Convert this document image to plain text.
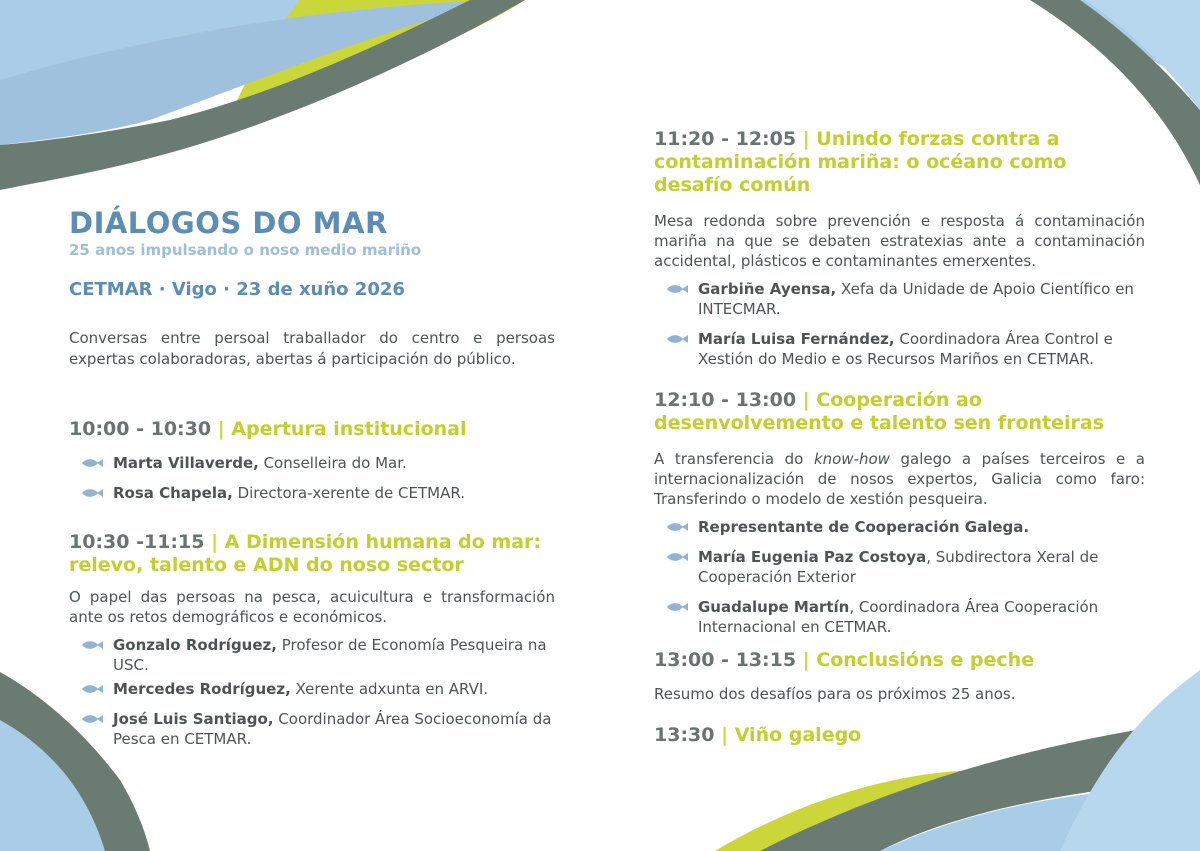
DIÁLOGOS DO MAR

25 anos impulsando o noso medio mariño

CETMAR · Vigo · 23 de xuño 2026
Conversas entre persoal traballador do centro e persoas expertas colaboradoras, abertas á participación do público.
10:00 - 10:30 | Apertura institucional
Marta Villaverde, Conselleira do Mar.
Rosa Chapela, Directora-xerente de CETMAR.
10:30 -11:15 | A Dimensión humana do mar: relevo, talento e ADN do noso sector
O papel das persoas na pesca, acuicultura e transformación ante os retos demográficos e económicos.
Gonzalo Rodríguez, Profesor de Economía Pesqueira na USC.
Mercedes Rodríguez, Xerente adxunta en ARVI.
José Luis Santiago, Coordinador Área Socioeconomía da Pesca en CETMAR.
11:20 - 12:05 | Unindo forzas contra a contaminación mariña: o océano como desafío común
Mesa redonda sobre prevención e resposta á contaminación mariña na que se debaten estratexias ante a contaminación accidental, plásticos e contaminantes emerxentes.
Garbiñe Ayensa, Xefa da Unidade de Apoio Científico en INTECMAR.
María Luisa Fernández, Coordinadora Área Control e Xestión do Medio e os Recursos Mariños en CETMAR.
12:10 - 13:00 | Cooperación ao desenvolvemento e talento sen fronteiras
A transferencia do know-how galego a países terceiros e a internacionalización de nosos expertos, Galicia como faro: Transferindo o modelo de xestión pesqueira.
Representante de Cooperación Galega.
María Eugenia Paz Costoya, Subdirectora Xeral de Cooperación Exterior
Guadalupe Martín, Coordinadora Área Cooperación Internacional en CETMAR.
13:00 - 13:15 | Conclusións e peche
Resumo dos desafíos para os próximos 25 anos.
13:30 | Viño galego
